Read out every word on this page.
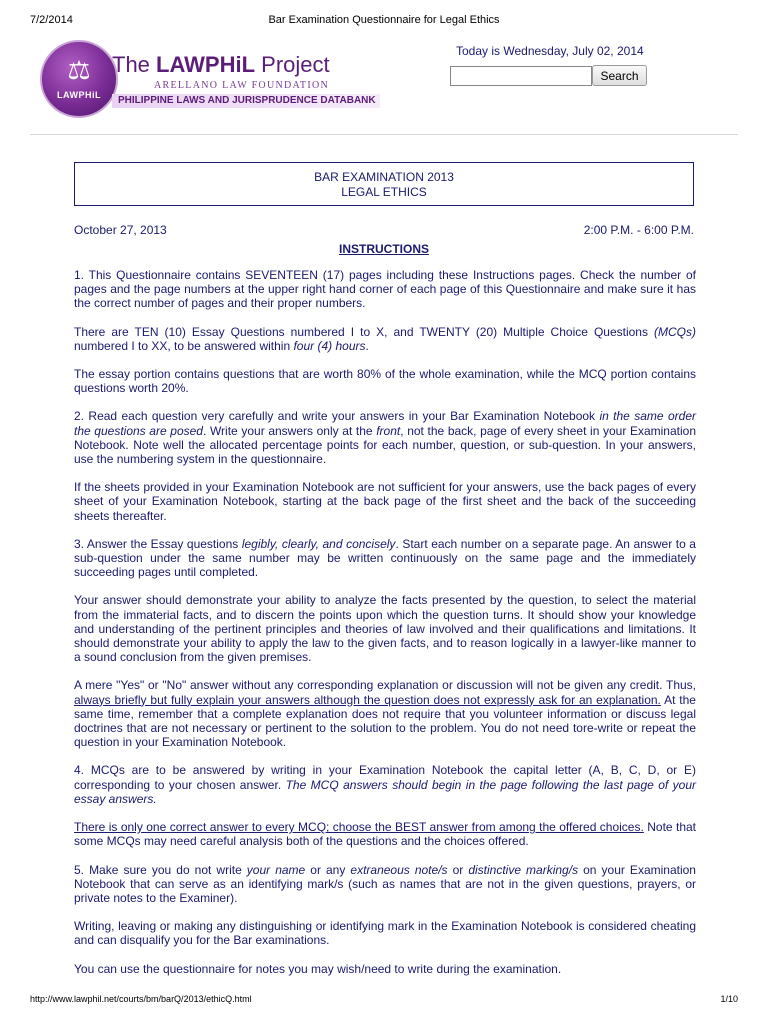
7/2/2014	Bar Examination Questionnaire for Legal Ethics
⚖
LAWPHiL
The LAWPHiL Project
ARELLANO LAW FOUNDATION
PHILIPPINE LAWS AND JURISPRUDENCE DATABANK
Today is Wednesday, July 02, 2014
Search
BAR EXAMINATION 2013
LEGAL ETHICS
October 27, 2013	2:00 P.M. - 6:00 P.M.
INSTRUCTIONS

1. This Questionnaire contains SEVENTEEN (17) pages including these Instructions pages. Check the number of pages and the page numbers at the upper right hand corner of each page of this Questionnaire and make sure it has the correct number of pages and their proper numbers.

There are TEN (10) Essay Questions numbered I to X, and TWENTY (20) Multiple Choice Questions (MCQs) numbered I to XX, to be answered within four (4) hours.

The essay portion contains questions that are worth 80% of the whole examination, while the MCQ portion contains questions worth 20%.

2. Read each question very carefully and write your answers in your Bar Examination Notebook in the same order the questions are posed. Write your answers only at the front, not the back, page of every sheet in your Examination Notebook. Note well the allocated percentage points for each number, question, or sub-question. In your answers, use the numbering system in the questionnaire.

If the sheets provided in your Examination Notebook are not sufficient for your answers, use the back pages of every sheet of your Examination Notebook, starting at the back page of the first sheet and the back of the succeeding sheets thereafter.

3. Answer the Essay questions legibly, clearly, and concisely. Start each number on a separate page. An answer to a sub-question under the same number may be written continuously on the same page and the immediately succeeding pages until completed.

Your answer should demonstrate your ability to analyze the facts presented by the question, to select the material from the immaterial facts, and to discern the points upon which the question turns. It should show your knowledge and understanding of the pertinent principles and theories of law involved and their qualifications and limitations. It should demonstrate your ability to apply the law to the given facts, and to reason logically in a lawyer-like manner to a sound conclusion from the given premises.

A mere "Yes" or "No" answer without any corresponding explanation or discussion will not be given any credit. Thus, always briefly but fully explain your answers although the question does not expressly ask for an explanation. At the same time, remember that a complete explanation does not require that you volunteer information or discuss legal doctrines that are not necessary or pertinent to the solution to the problem. You do not need tore-write or repeat the question in your Examination Notebook.

4. MCQs are to be answered by writing in your Examination Notebook the capital letter (A, B, C, D, or E) corresponding to your chosen answer. The MCQ answers should begin in the page following the last page of your essay answers.

There is only one correct answer to every MCQ; choose the BEST answer from among the offered choices. Note that some MCQs may need careful analysis both of the questions and the choices offered.

5. Make sure you do not write your name or any extraneous note/s or distinctive marking/s on your Examination Notebook that can serve as an identifying mark/s (such as names that are not in the given questions, prayers, or private notes to the Examiner).

Writing, leaving or making any distinguishing or identifying mark in the Examination Notebook is considered cheating and can disqualify you for the Bar examinations.

You can use the questionnaire for notes you may wish/need to write during the examination.

http://www.lawphil.net/courts/bm/barQ/2013/ethicQ.html	1/10
